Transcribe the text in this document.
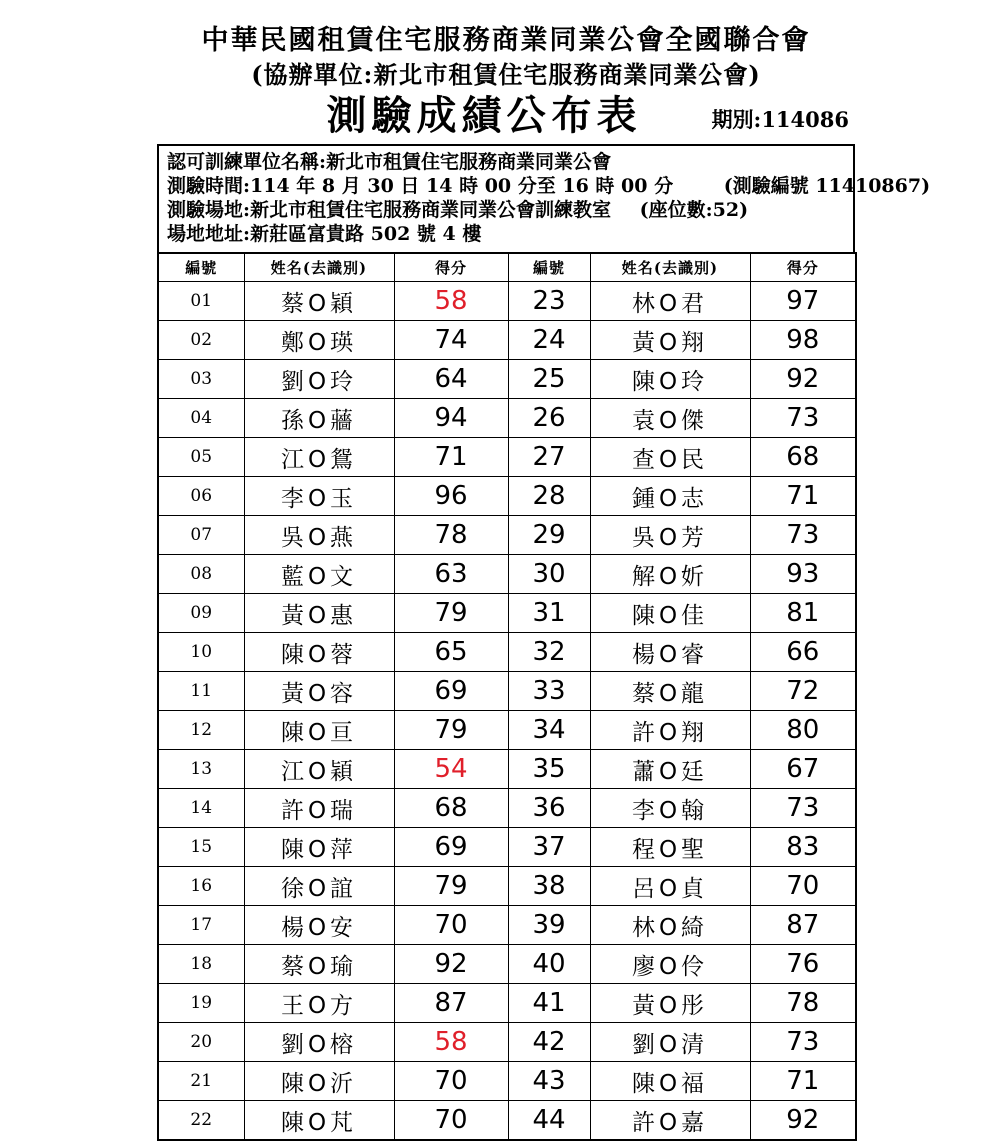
中華民國租賃住宅服務商業同業公會全國聯合會
(協辦單位:新北市租賃住宅服務商業同業公會)
測驗成績公布表	期別:114086
認可訓練單位名稱:新北市租賃住宅服務商業同業公會
測驗時間:114 年 8 月 30 日 14 時 00 分至 16 時 00 分	(測驗編號 11410867)
測驗場地:新北市租賃住宅服務商業同業公會訓練教室 (座位數:52)
場地地址:新莊區富貴路 502 號 4 樓
編號	姓名(去識別)	得分	編號	姓名(去識別)	得分
01	蔡O穎	58	23	林O君	97
02	鄭O瑛	74	24	黃O翔	98
03	劉O玲	64	25	陳O玲	92
04	孫O蘠	94	26	袁O傑	73
05	江O鴛	71	27	查O民	68
06	李O玉	96	28	鍾O志	71
07	吳O燕	78	29	吳O芳	73
08	藍O文	63	30	解O妡	93
09	黃O惠	79	31	陳O佳	81
10	陳O蓉	65	32	楊O睿	66
11	黃O容	69	33	蔡O龍	72
12	陳O亘	79	34	許O翔	80
13	江O穎	54	35	蕭O廷	67
14	許O瑞	68	36	李O翰	73
15	陳O萍	69	37	程O聖	83
16	徐O誼	79	38	呂O貞	70
17	楊O安	70	39	林O綺	87
18	蔡O瑜	92	40	廖O伶	76
19	王O方	87	41	黃O彤	78
20	劉O榕	58	42	劉O清	73
21	陳O沂	70	43	陳O福	71
22	陳O芃	70	44	許O嘉	92
